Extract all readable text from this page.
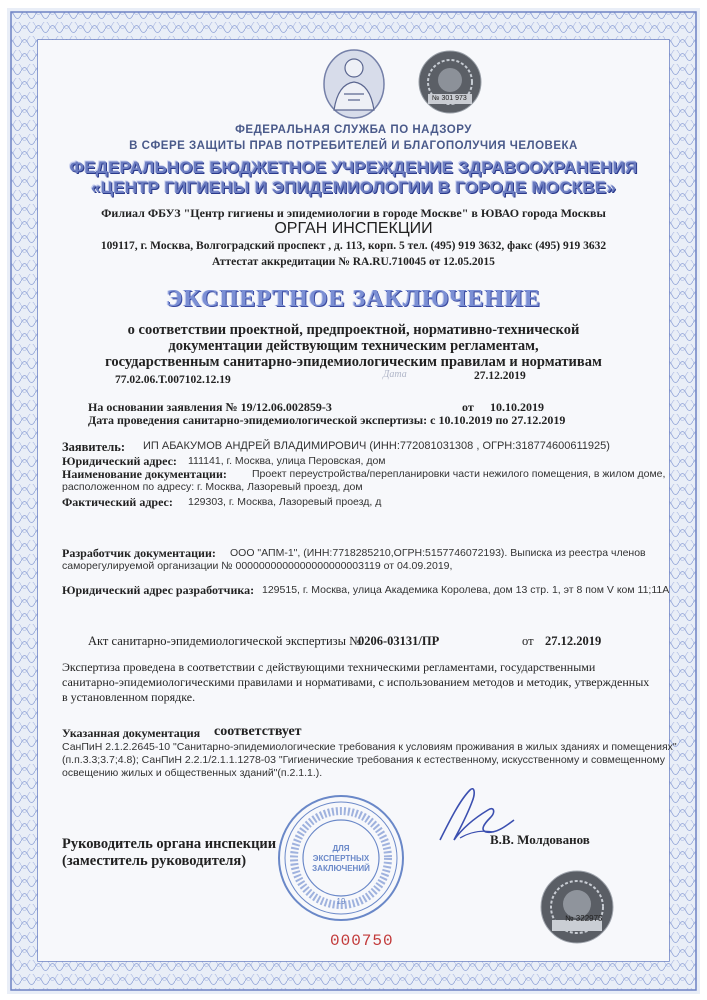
№ 301 973
ФЕДЕРАЛЬНАЯ СЛУЖБА ПО НАДЗОРУ
В СФЕРЕ ЗАЩИТЫ ПРАВ ПОТРЕБИТЕЛЕЙ И БЛАГОПОЛУЧИЯ ЧЕЛОВЕКА
ФЕДЕРАЛЬНОЕ БЮДЖЕТНОЕ УЧРЕЖДЕНИЕ ЗДРАВООХРАНЕНИЯ
«ЦЕНТР ГИГИЕНЫ И ЭПИДЕМИОЛОГИИ В ГОРОДЕ МОСКВЕ»
Филиал ФБУЗ "Центр гигиены и эпидемиологии в городе Москве" в ЮВАО города Москвы
ОРГАН ИНСПЕКЦИИ
109117, г. Москва, Волгоградский проспект , д. 113, корп. 5 тел. (495) 919 3632, факс (495) 919 3632
Аттестат аккредитации № RA.RU.710045 от 12.05.2015
ЭКСПЕРТНОЕ ЗАКЛЮЧЕНИЕ
о соответствии проектной, предпроектной, нормативно-технической
документации действующим техническим регламентам,
государственным санитарно-эпидемиологическим правилам и нормативам
77.02.06.Т.007102.12.19	Дата	27.12.2019
На основании заявления № 19/12.06.002859-3	от 10.10.2019
Дата проведения санитарно-эпидемиологической экспертизы: с 10.10.2019 по 27.12.2019
Заявитель: ИП АБАКУМОВ АНДРЕЙ ВЛАДИМИРОВИЧ (ИНН:772081031308 , ОГРН:318774600611925)
Юридический адрес: 111141, г. Москва, улица Перовская, дом
Наименование документации: Проект переустройства/перепланировки части нежилого помещения, в жилом доме,
расположенном по адресу: г. Москва, Лазоревый проезд, дом
Фактический адрес: 129303, г. Москва, Лазоревый проезд, д
Разработчик документации: ООО "АПМ-1", (ИНН:7718285210,ОГРН:5157746072193). Выписка из реестра членов
саморегулируемой организации № 0000000000000000000003119 от 04.09.2019,
Юридический адрес разработчика: 129515, г. Москва, улица Академика Королева, дом 13 стр. 1, эт 8 пом V ком 11;11А
Акт санитарно-эпидемиологической экспертизы №
0206-03131/ПР	от 27.12.2019
Экспертиза проведена в соответствии с действующими техническими регламентами, государственными
санитарно-эпидемиологическими правилами и нормативами, с использованием методов и методик, утвержденных
в установленном порядке.
Указанная документация соответствует
СанПиН 2.1.2.2645-10 "Санитарно-эпидемиологические требования к условиям проживания в жилых зданиях и помещениях"
(п.п.3.3;3.7;4.8); СанПиН 2.2.1/2.1.1.1278-03 "Гигиенические требования к естественному, искусственному и совмещенному
освещению жилых и общественных зданий"(п.2.1.1.).
Руководитель органа инспекции
(заместитель руководителя)
В.В. Молдованов
ДЛЯ
ЭКСПЕРТНЫХ
ЗАКЛЮЧЕНИЙ
19
000750
№ 322975
